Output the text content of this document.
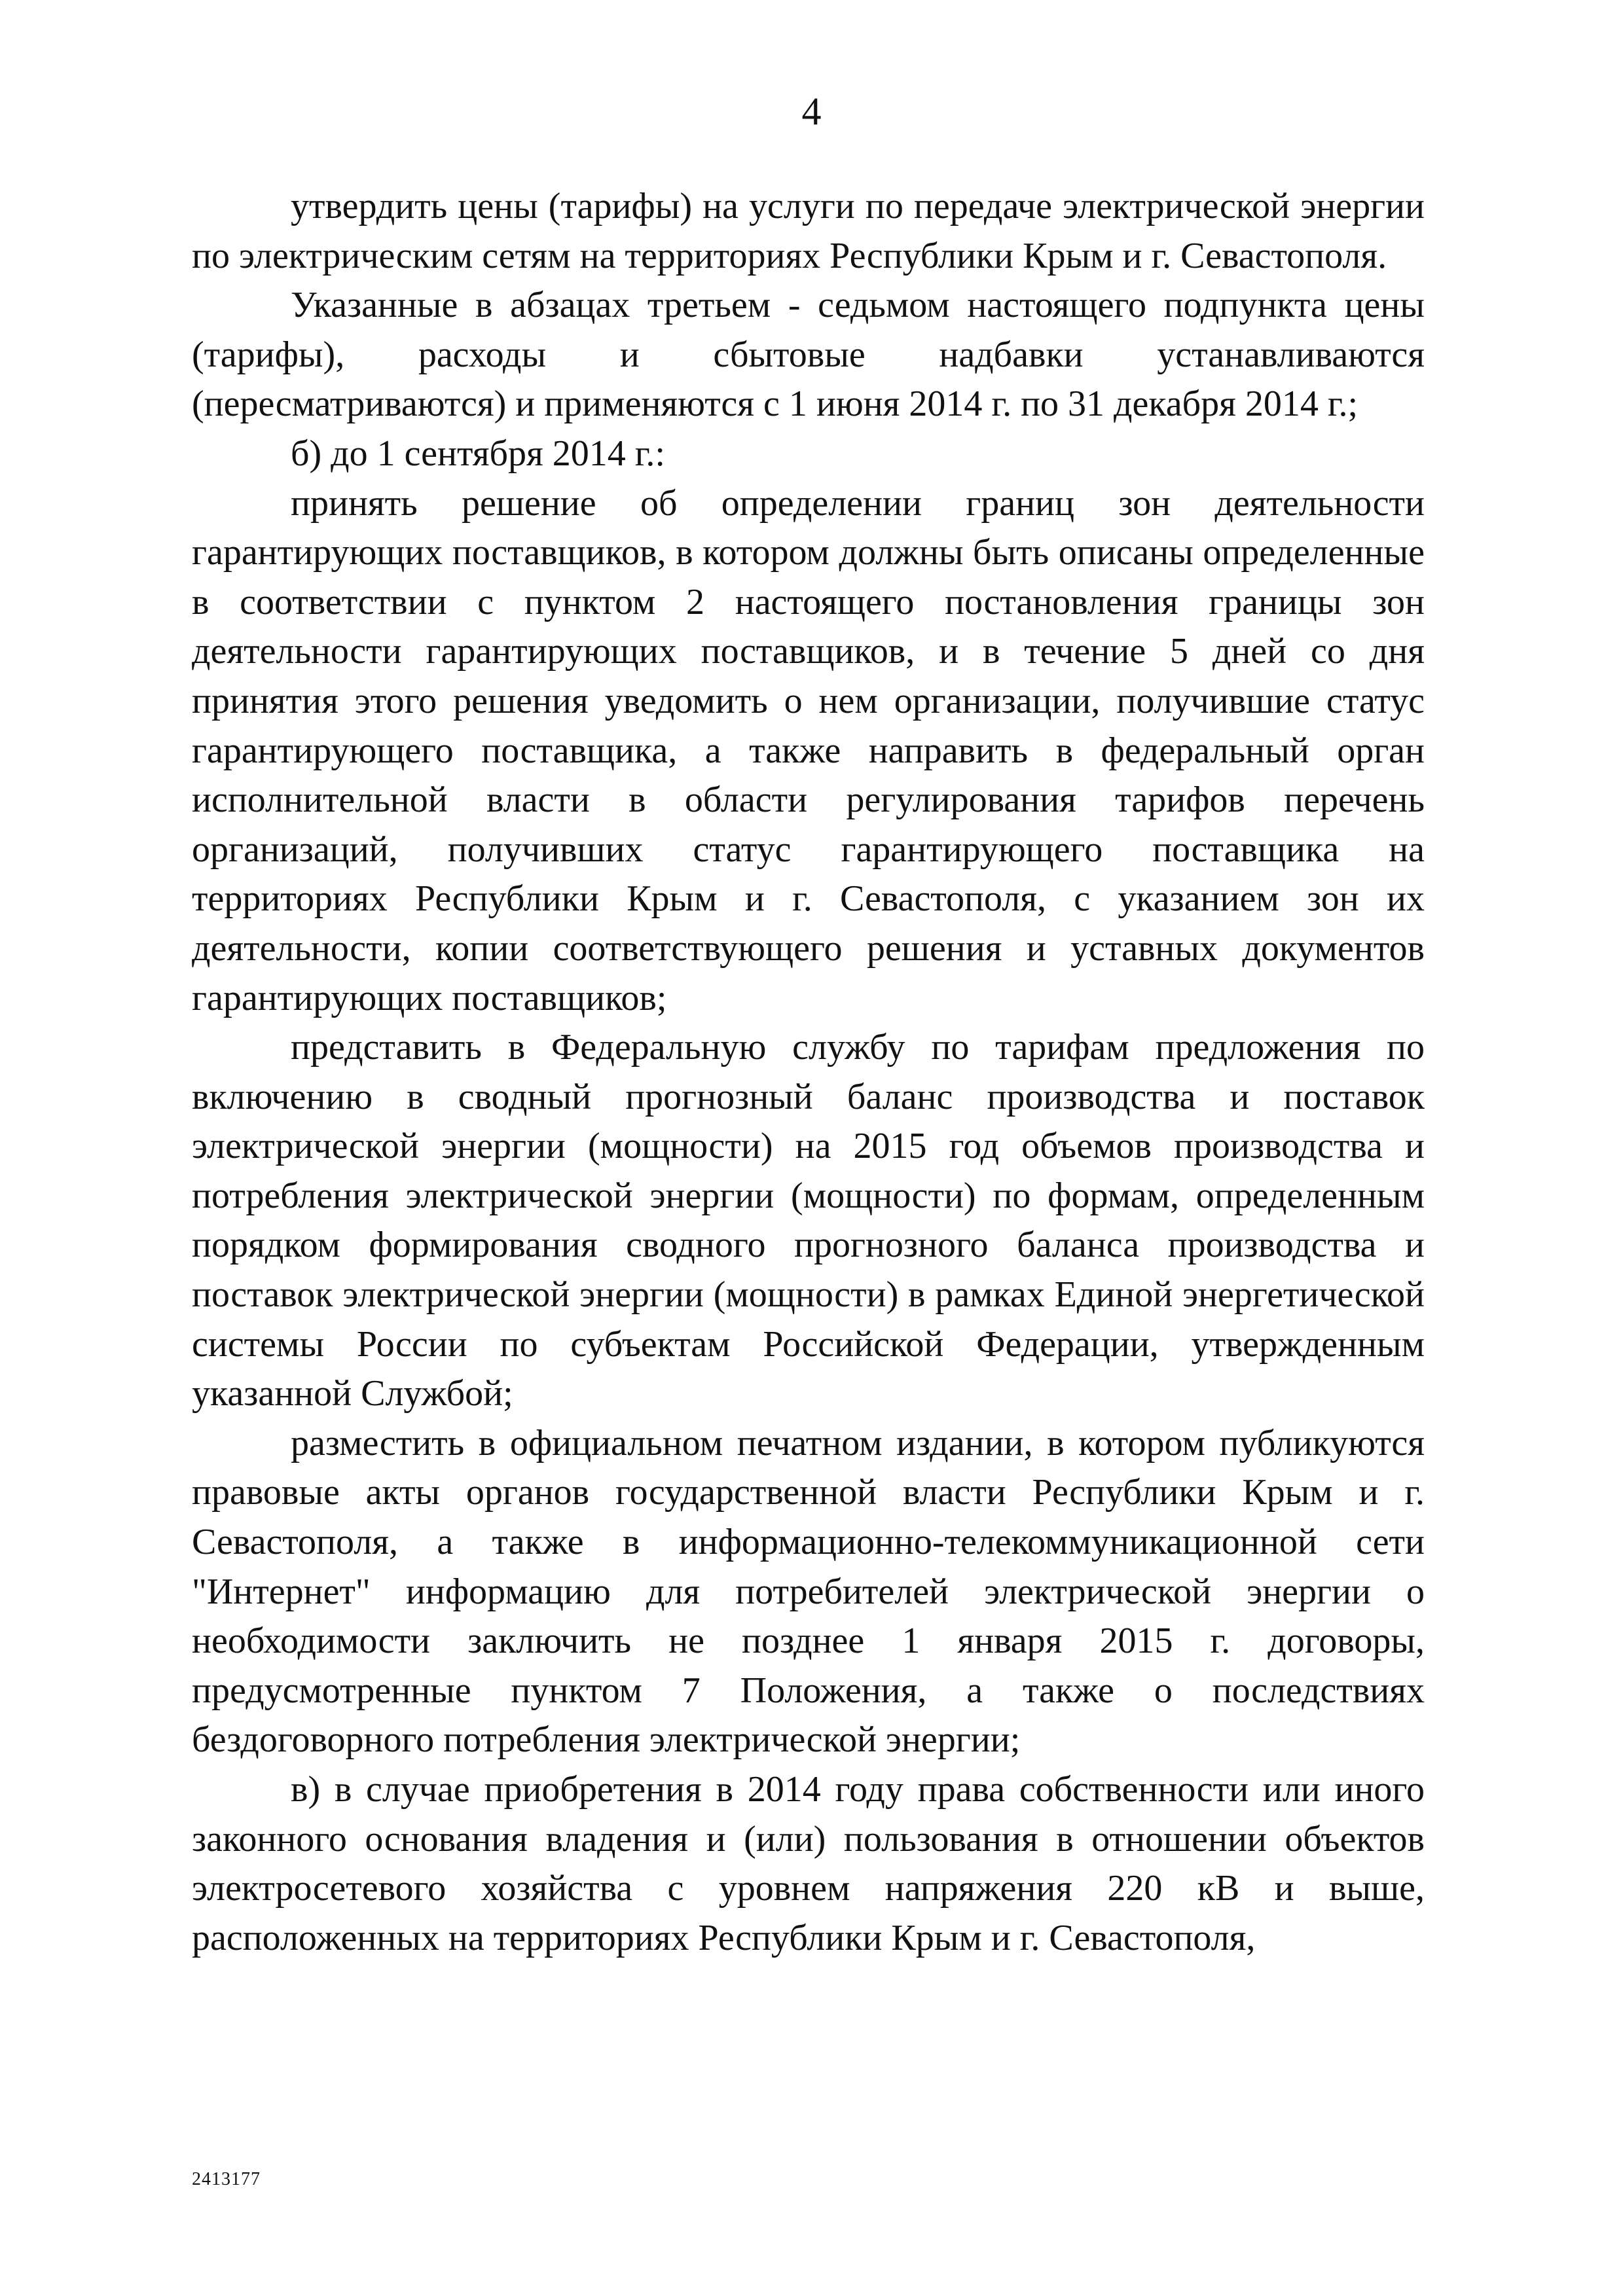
4

утвердить цены (тарифы) на услуги по передаче электрической энергии по электрическим сетям на территориях Республики Крым и г. Севастополя.

Указанные в абзацах третьем - седьмом настоящего подпункта цены (тарифы), расходы и сбытовые надбавки устанавливаются (пересматриваются) и применяются с 1 июня 2014 г. по 31 декабря 2014 г.;

б) до 1 сентября 2014 г.:

принять решение об определении границ зон деятельности гарантирующих поставщиков, в котором должны быть описаны определенные в соответствии с пунктом 2 настоящего постановления границы зон деятельности гарантирующих поставщиков, и в течение 5 дней со дня принятия этого решения уведомить о нем организации, получившие статус гарантирующего поставщика, а также направить в федеральный орган исполнительной власти в области регулирования тарифов перечень организаций, получивших статус гарантирующего поставщика на территориях Республики Крым и г. Севастополя, с указанием зон их деятельности, копии соответствующего решения и уставных документов гарантирующих поставщиков;

представить в Федеральную службу по тарифам предложения по включению в сводный прогнозный баланс производства и поставок электрической энергии (мощности) на 2015 год объемов производства и потребления электрической энергии (мощности) по формам, определенным порядком формирования сводного прогнозного баланса производства и поставок электрической энергии (мощности) в рамках Единой энергетической системы России по субъектам Российской Федерации, утвержденным указанной Службой;

разместить в официальном печатном издании, в котором публикуются правовые акты органов государственной власти Республики Крым и г. Севастополя, а также в информационно-телекоммуникационной сети "Интернет" информацию для потребителей электрической энергии о необходимости заключить не позднее 1 января 2015 г. договоры, предусмотренные пунктом 7 Положения, а также о последствиях бездоговорного потребления электрической энергии;

в) в случае приобретения в 2014 году права собственности или иного законного основания владения и (или) пользования в отношении объектов электросетевого хозяйства с уровнем напряжения 220 кВ и выше, расположенных на территориях Республики Крым и г. Севастополя,

2413177
